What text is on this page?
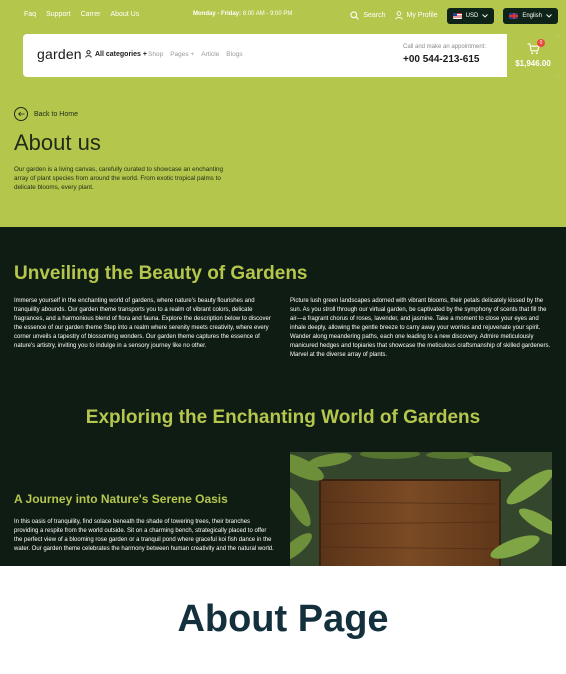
Faq Support Carrer About Us	Monday - Friday: 8:00 AM - 9:00 PM	Search	My Profile	USD	English
garden All categories + Shop Pages + Article Blogs
Call and make an appointment:
+00 544-213-615
0
$1,946.00
Back to Home
About us

Our garden is a living canvas, carefully curated to showcase an enchanting array of plant species from around the world. From exotic tropical palms to delicate blooms, every plant.

Unveiling the Beauty of Gardens

Immerse yourself in the enchanting world of gardens, where nature's beauty flourishes and tranquility abounds. Our garden theme transports you to a realm of vibrant colors, delicate fragrances, and a harmonious blend of flora and fauna. Explore the description below to discover the essence of our garden theme Step into a realm where serenity meets creativity, where every corner unveils a tapestry of blossoming wonders. Our garden theme captures the essence of nature's artistry, inviting you to indulge in a sensory journey like no other.

Picture lush green landscapes adorned with vibrant blooms, their petals delicately kissed by the sun. As you stroll through our virtual garden, be captivated by the symphony of scents that fill the air—a fragrant chorus of roses, lavender, and jasmine. Take a moment to close your eyes and inhale deeply, allowing the gentle breeze to carry away your worries and rejuvenate your spirit. Wander along meandering paths, each one leading to a new discovery. Admire meticulously manicured hedges and topiaries that showcase the meticulous craftsmanship of skilled gardeners. Marvel at the diverse array of plants.

Exploring the Enchanting World of Gardens
A Journey into Nature's Serene Oasis

In this oasis of tranquility, find solace beneath the shade of towering trees, their branches providing a respite from the world outside. Sit on a charming bench, strategically placed to offer the perfect view of a blooming rose garden or a tranquil pond where graceful koi fish dance in the water. Our garden theme celebrates the harmony between human creativity and the natural world.

About Page
